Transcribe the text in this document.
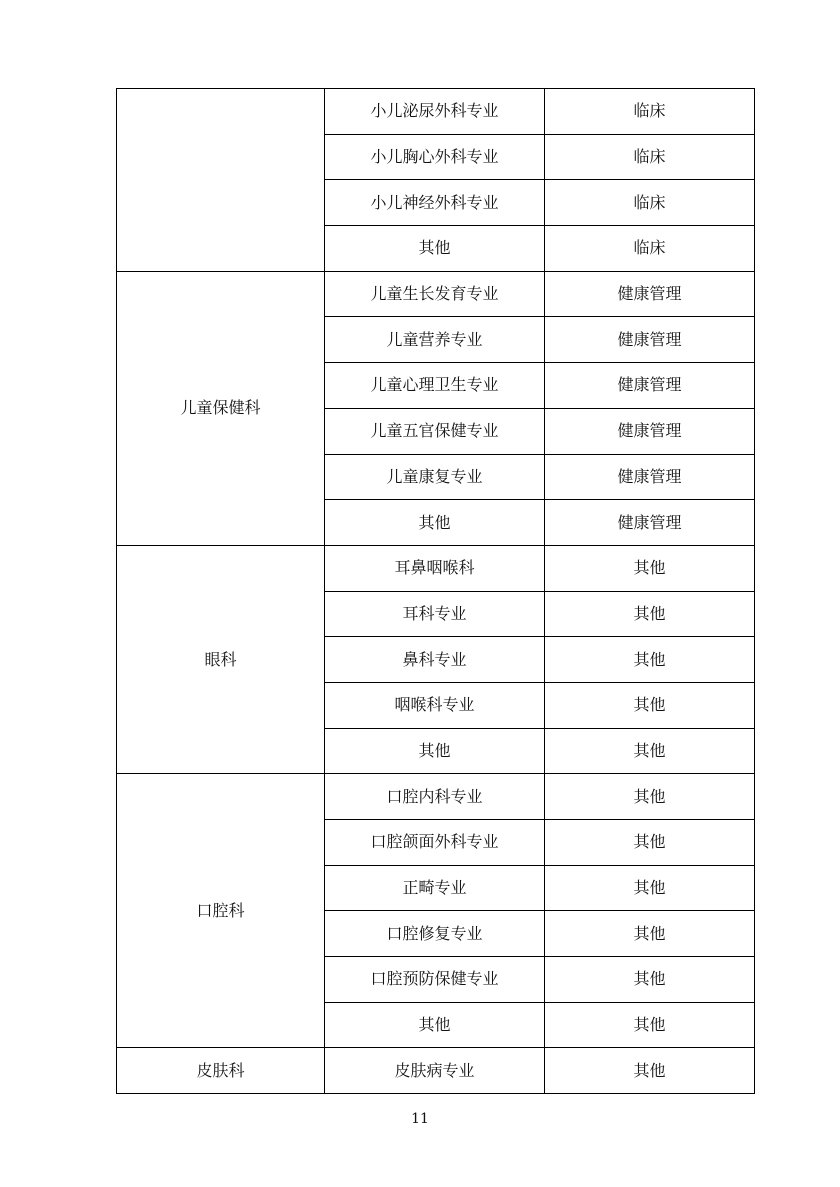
	小儿泌尿外科专业	临床
	小儿胸心外科专业	临床
	小儿神经外科专业	临床
	其他	临床
儿童保健科	儿童生长发育专业	健康管理
	儿童营养专业	健康管理
	儿童心理卫生专业	健康管理
	儿童五官保健专业	健康管理
	儿童康复专业	健康管理
	其他	健康管理
眼科	耳鼻咽喉科	其他
	耳科专业	其他
	鼻科专业	其他
	咽喉科专业	其他
	其他	其他
口腔科	口腔内科专业	其他
	口腔颌面外科专业	其他
	正畸专业	其他
	口腔修复专业	其他
	口腔预防保健专业	其他
	其他	其他
皮肤科	皮肤病专业	其他
11
